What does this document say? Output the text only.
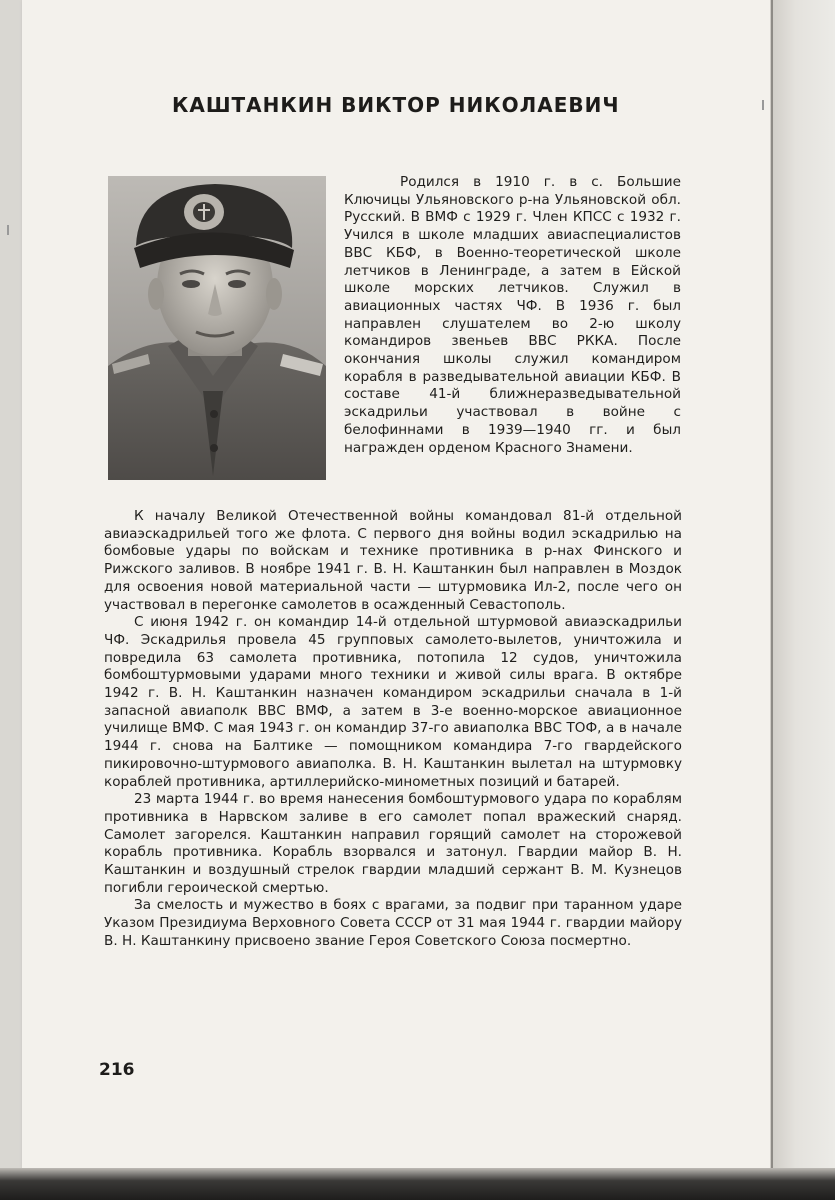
КАШТАНКИН ВИКТОР НИКОЛАЕВИЧ

Родился в 1910 г. в с. Большие Ключицы Ульяновского р-на Ульяновской обл. Русский. В ВМФ с 1929 г. Член КПСС с 1932 г. Учился в школе младших авиаспециалистов ВВС КБФ, в Военно-теоретической школе летчиков в Ленинграде, а затем в Ейской школе морских летчиков. Служил в авиационных частях ЧФ. В 1936 г. был направлен слушателем во 2-ю школу командиров звеньев ВВС РККА. После окончания школы служил командиром корабля в разведывательной авиации КБФ. В составе 41-й ближнеразведывательной эскадрильи участвовал в войне с белофиннами в 1939—1940 гг. и был награжден орденом Красного Знамени.

К началу Великой Отечественной войны командовал 81-й отдельной авиаэскадрильей того же флота. С первого дня войны водил эскадрилью на бомбовые удары по войскам и технике противника в р-нах Финского и Рижского заливов. В ноябре 1941 г. В. Н. Каштанкин был направлен в Моздок для освоения новой материальной части — штурмовика Ил-2, после чего он участвовал в перегонке самолетов в осажденный Севастополь.

С июня 1942 г. он командир 14-й отдельной штурмовой авиаэскадрильи ЧФ. Эскадрилья провела 45 групповых самолето-вылетов, уничтожила и повредила 63 самолета противника, потопила 12 судов, уничтожила бомбоштурмовыми ударами много техники и живой силы врага. В октябре 1942 г. В. Н. Каштанкин назначен командиром эскадрильи сначала в 1-й запасной авиаполк ВВС ВМФ, а затем в 3-е военно-морское авиационное училище ВМФ. С мая 1943 г. он командир 37-го авиаполка ВВС ТОФ, а в начале 1944 г. снова на Балтике — помощником командира 7-го гвардейского пикировочно-штурмового авиаполка. В. Н. Каштанкин вылетал на штурмовку кораблей противника, артиллерийско-минометных позиций и батарей.

23 марта 1944 г. во время нанесения бомбоштурмового удара по кораблям противника в Нарвском заливе в его самолет попал вражеский снаряд. Самолет загорелся. Каштанкин направил горящий самолет на сторожевой корабль противника. Корабль взорвался и затонул. Гвардии майор В. Н. Каштанкин и воздушный стрелок гвардии младший сержант В. М. Кузнецов погибли героической смертью.

За смелость и мужество в боях с врагами, за подвиг при таранном ударе Указом Президиума Верховного Совета СССР от 31 мая 1944 г. гвардии майору В. Н. Каштанкину присвоено звание Героя Советского Союза посмертно.

216
